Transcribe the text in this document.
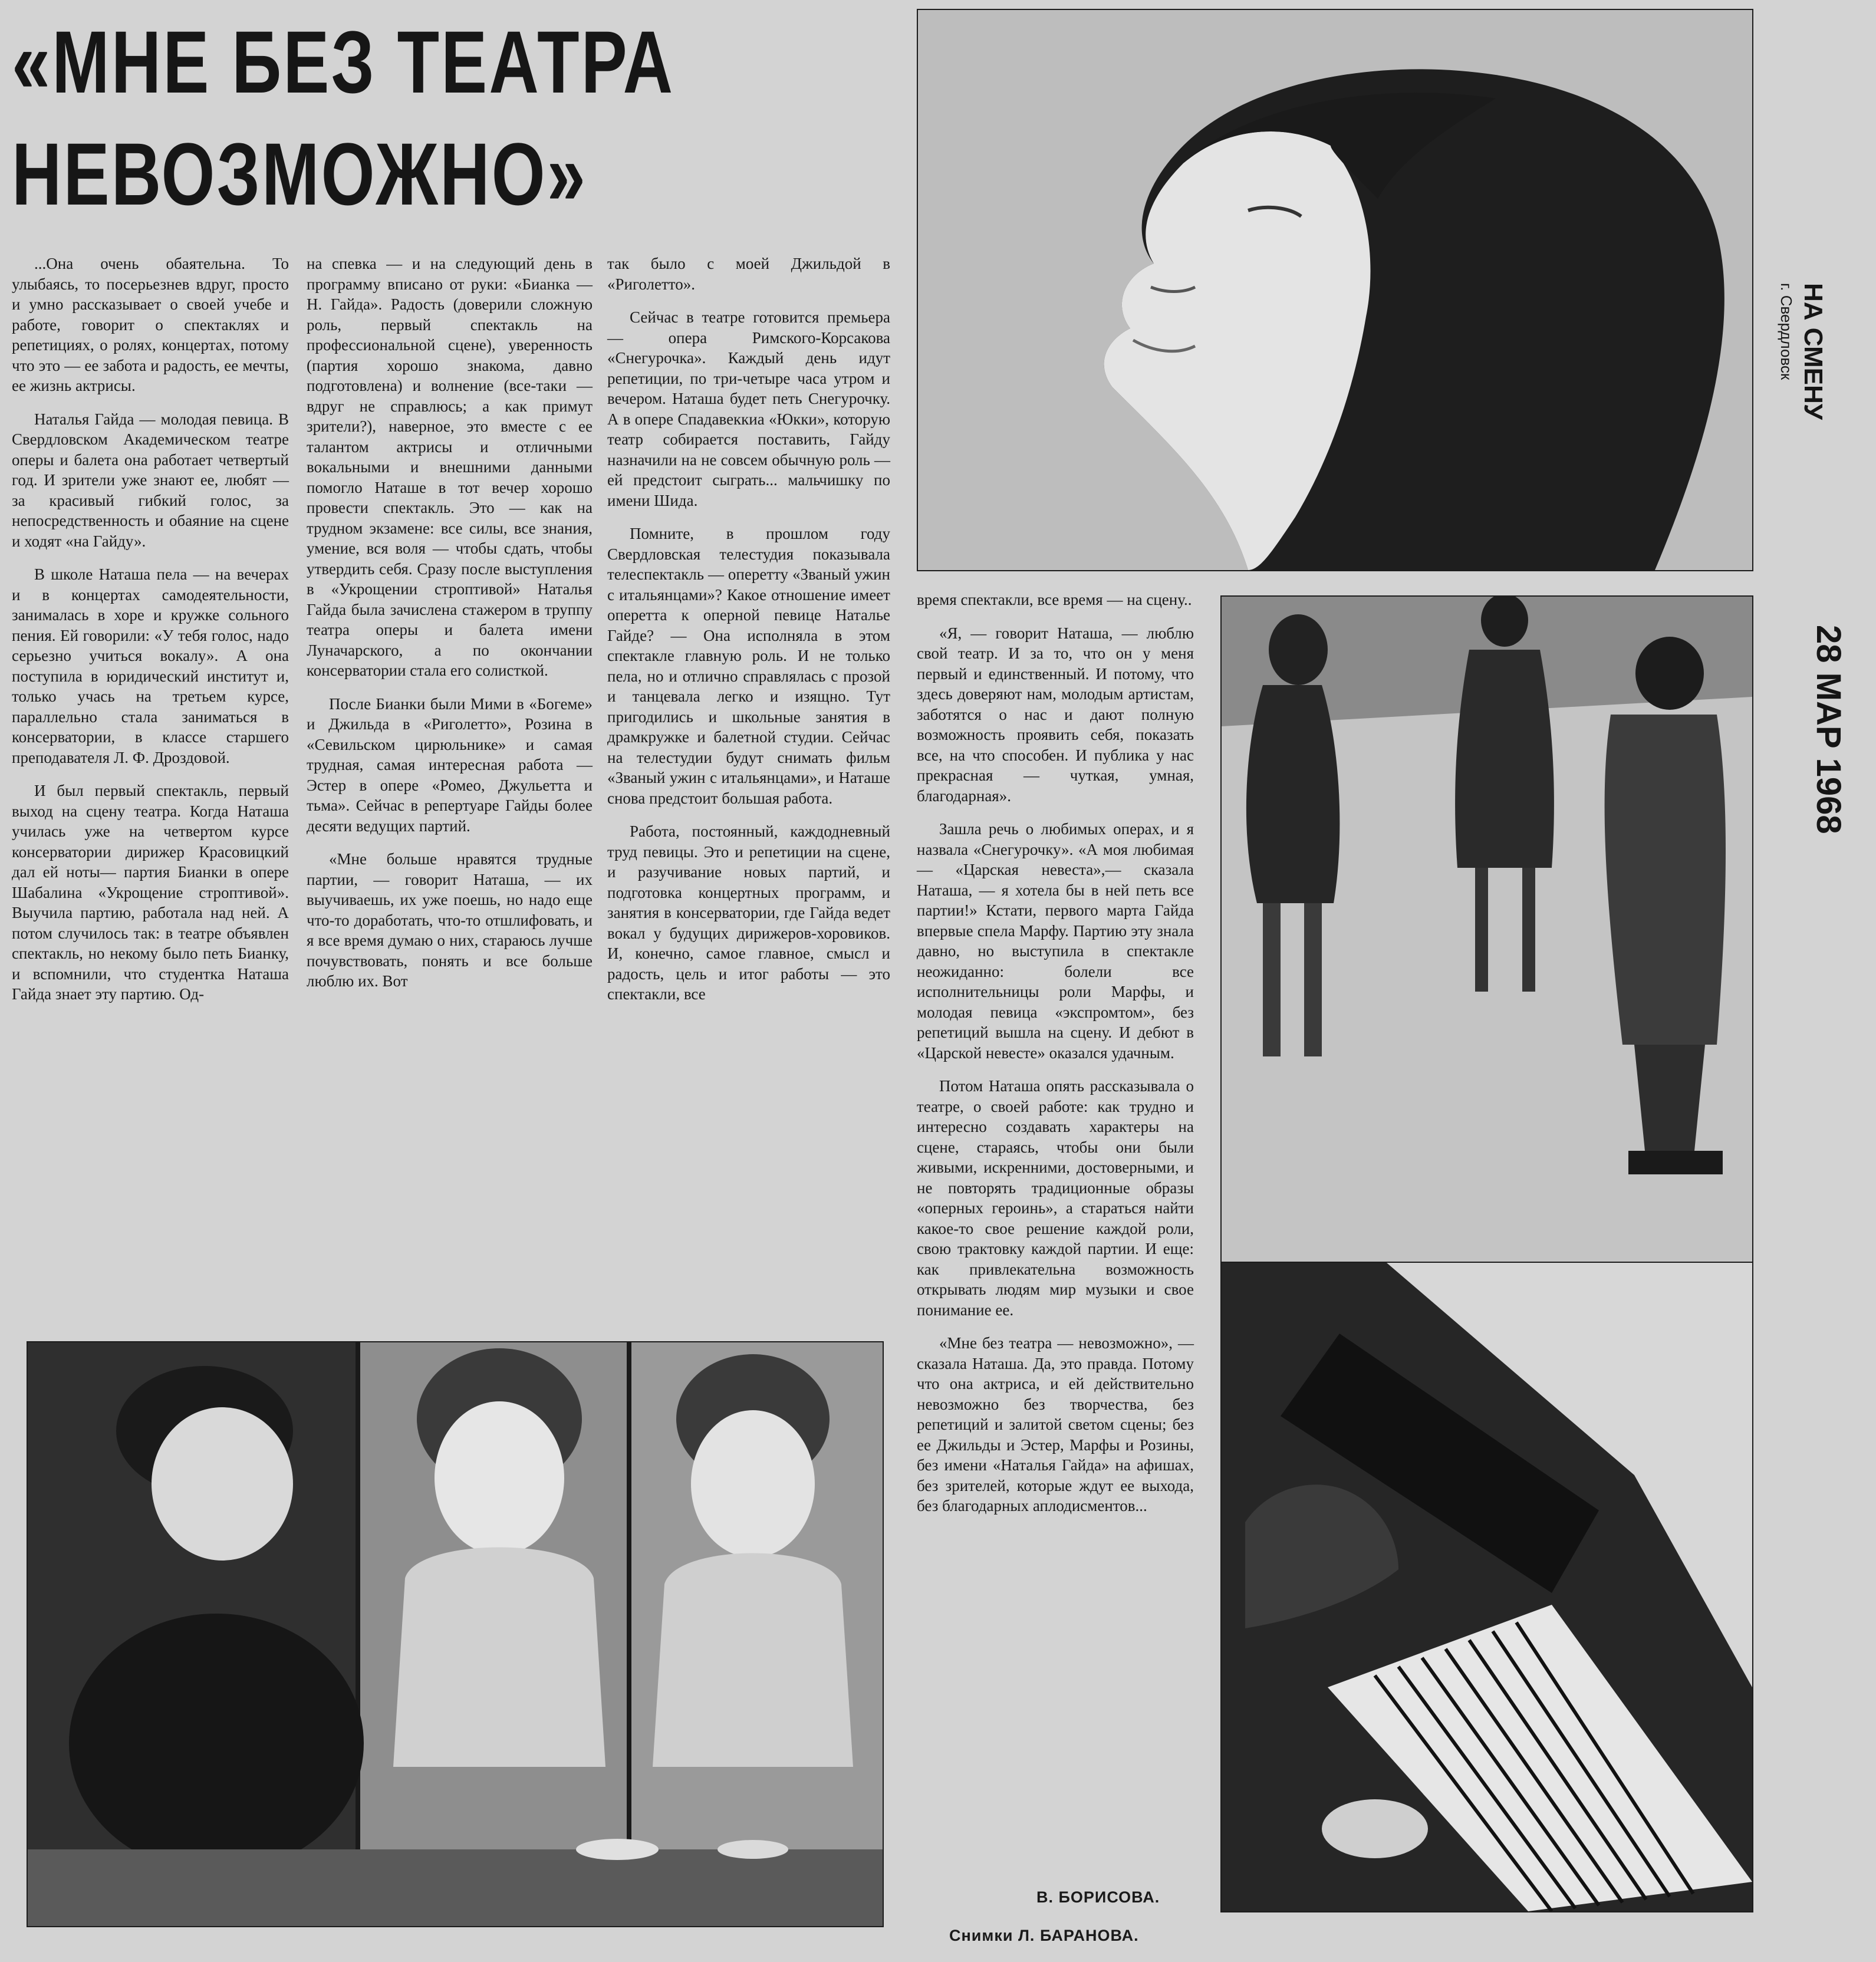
«МНЕ БЕЗ ТЕАТРА
НЕВОЗМОЖНО»

...Она очень обаятельна. То улыбаясь, то посерьезнев вдруг, просто и умно рассказывает о своей учебе и работе, говорит о спектаклях и репетициях, о ролях, концертах, потому что это — ее забота и радость, ее мечты, ее жизнь актрисы.

Наталья Гайда — молодая певица. В Свердловском Академическом театре оперы и балета она работает четвертый год. И зрители уже знают ее, любят — за красивый гибкий голос, за непосредственность и обаяние на сцене и ходят «на Гайду».

В школе Наташа пела — на вечерах и в концертах самодеятельности, занималась в хоре и кружке сольного пения. Ей говорили: «У тебя голос, надо серьезно учиться вокалу». А она поступила в юридический институт и, только учась на третьем курсе, параллельно стала заниматься в консерватории, в классе старшего преподавателя Л. Ф. Дроздовой.

И был первый спектакль, первый выход на сцену театра. Когда Наташа училась уже на четвертом курсе консерватории дирижер Красовицкий дал ей ноты— партия Бианки в опере Шабалина «Укрощение строптивой». Выучила партию, работала над ней. А потом случилось так: в театре объявлен спектакль, но некому было петь Бианку, и вспомнили, что студентка Наташа Гайда знает эту партию. Од-

на спевка — и на следующий день в программу вписано от руки: «Бианка — Н. Гайда». Радость (доверили сложную роль, первый спектакль на профессиональной сцене), уверенность (партия хорошо знакома, давно подготовлена) и волнение (все-таки — вдруг не справлюсь; а как примут зрители?), наверное, это вместе с ее талантом актрисы и отличными вокальными и внешними данными помогло Наташе в тот вечер хорошо провести спектакль. Это — как на трудном экзамене: все силы, все знания, умение, вся воля — чтобы сдать, чтобы утвердить себя. Сразу после выступления в «Укрощении строптивой» Наталья Гайда была зачислена стажером в труппу театра оперы и балета имени Луначарского, а по окончании консерватории стала его солисткой.

После Бианки были Мими в «Богеме» и Джильда в «Риголетто», Розина в «Севильском цирюльнике» и самая трудная, самая интересная работа — Эстер в опере «Ромео, Джульетта и тьма». Сейчас в репертуаре Гайды более десяти ведущих партий.

«Мне больше нравятся трудные партии, — говорит Наташа, — их выучиваешь, их уже поешь, но надо еще что-то доработать, что-то отшлифовать, и я все время думаю о них, стараюсь лучше почувствовать, понять и все больше люблю их. Вот

так было с моей Джильдой в «Риголетто».

Сейчас в театре готовится премьера — опера Римского-Корсакова «Снегурочка». Каждый день идут репетиции, по три-четыре часа утром и вечером. Наташа будет петь Снегурочку. А в опере Спадавеккиа «Юкки», которую театр собирается поставить, Гайду назначили на не совсем обычную роль — ей предстоит сыграть... мальчишку по имени Шида.

Помните, в прошлом году Свердловская телестудия показывала телеспектакль — оперетту «Званый ужин с итальянцами»? Какое отношение имеет оперетта к оперной певице Наталье Гайде? — Она исполняла в этом спектакле главную роль. И не только пела, но и отлично справлялась с прозой и танцевала легко и изящно. Тут пригодились и школьные занятия в драмкружке и балетной студии. Сейчас на телестудии будут снимать фильм «Званый ужин с итальянцами», и Наташе снова предстоит большая работа.

Работа, постоянный, каждодневный труд певицы. Это и репетиции на сцене, и разучивание новых партий, и подготовка концертных программ, и занятия в консерватории, где Гайда ведет вокал у будущих дирижеров-хоровиков. И, конечно, самое главное, смысл и радость, цель и итог работы — это спектакли, все

время спектакли, все время — на сцену..

«Я, — говорит Наташа, — люблю свой театр. И за то, что он у меня первый и единственный. И потому, что здесь доверяют нам, молодым артистам, заботятся о нас и дают полную возможность проявить себя, показать все, на что способен. И публика у нас прекрасная — чуткая, умная, благодарная».

Зашла речь о любимых операх, и я назвала «Снегурочку». «А моя любимая — «Царская невеста»,— сказала Наташа, — я хотела бы в ней петь все партии!» Кстати, первого марта Гайда впервые спела Марфу. Партию эту знала давно, но выступила в спектакле неожиданно: болели все исполнительницы роли Марфы, и молодая певица «экспромтом», без репетиций вышла на сцену. И дебют в «Царской невесте» оказался удачным.

Потом Наташа опять рассказывала о театре, о своей работе: как трудно и интересно создавать характеры на сцене, стараясь, чтобы они были живыми, искренними, достоверными, и не повторять традиционные образы «оперных героинь», а стараться найти какое-то свое решение каждой роли, свою трактовку каждой партии. И еще: как привлекательна возможность открывать людям мир музыки и свое понимание ее.

«Мне без театра — невозможно», — сказала Наташа. Да, это правда. Потому что она актриса, и ей действительно невозможно без творчества, без репетиций и залитой светом сцены; без ее Джильды и Эстер, Марфы и Розины, без имени «Наталья Гайда» на афишах, без зрителей, которые ждут ее выхода, без благодарных аплодисментов...

НА СМЕНУ
г. Свердловск
28 МАР 1968
В. БОРИСОВА.
Снимки Л. БАРАНОВА.
